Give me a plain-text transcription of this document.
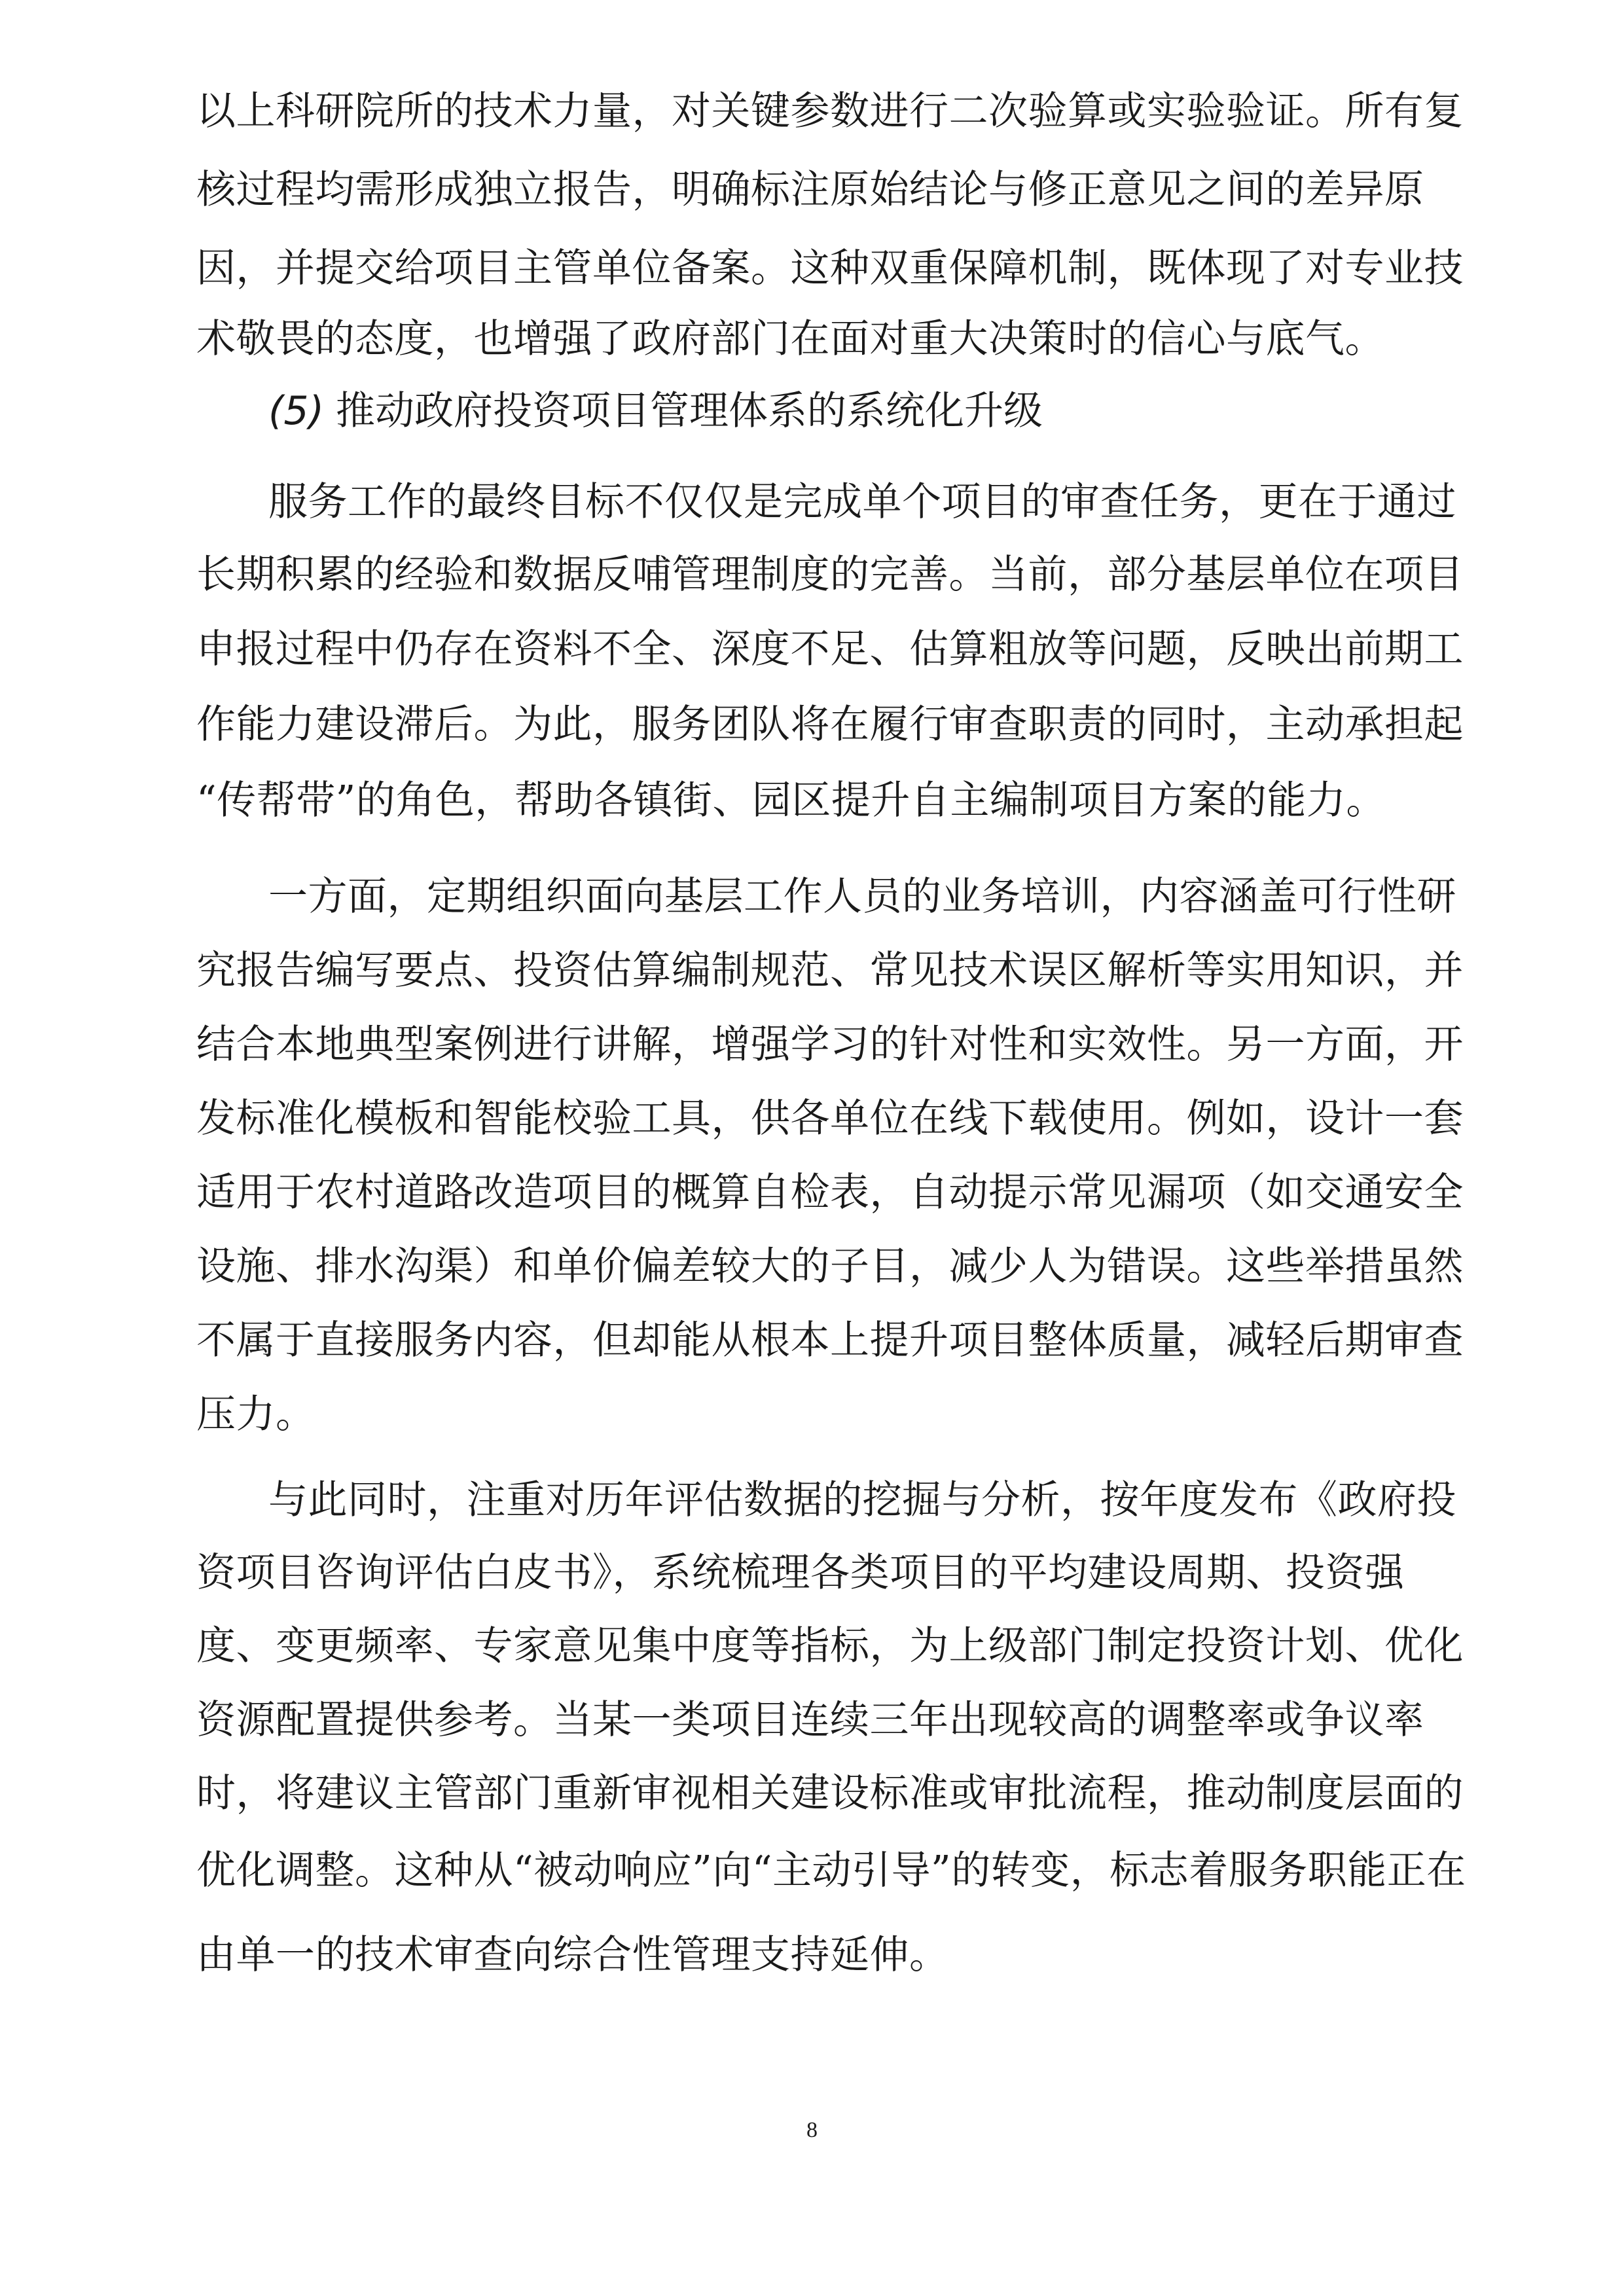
以上科研院所的技术力量，对关键参数进行二次验算或实验验证。所有复
核过程均需形成独立报告，明确标注原始结论与修正意见之间的差异原
因，并提交给项目主管单位备案。这种双重保障机制，既体现了对专业技
术敬畏的态度，也增强了政府部门在面对重大决策时的信心与底气。
(5) 推动政府投资项目管理体系的系统化升级
服务工作的最终目标不仅仅是完成单个项目的审查任务，更在于通过
长期积累的经验和数据反哺管理制度的完善。当前，部分基层单位在项目
申报过程中仍存在资料不全、深度不足、估算粗放等问题，反映出前期工
作能力建设滞后。为此，服务团队将在履行审查职责的同时，主动承担起
“传帮带”的角色，帮助各镇街、园区提升自主编制项目方案的能力。
一方面，定期组织面向基层工作人员的业务培训，内容涵盖可行性研
究报告编写要点、投资估算编制规范、常见技术误区解析等实用知识，并
结合本地典型案例进行讲解，增强学习的针对性和实效性。另一方面，开
发标准化模板和智能校验工具，供各单位在线下载使用。例如，设计一套
适用于农村道路改造项目的概算自检表，自动提示常见漏项（如交通安全
设施、排水沟渠）和单价偏差较大的子目，减少人为错误。这些举措虽然
不属于直接服务内容，但却能从根本上提升项目整体质量，减轻后期审查
压力。
与此同时，注重对历年评估数据的挖掘与分析，按年度发布《政府投
资项目咨询评估白皮书》，系统梳理各类项目的平均建设周期、投资强
度、变更频率、专家意见集中度等指标，为上级部门制定投资计划、优化
资源配置提供参考。当某一类项目连续三年出现较高的调整率或争议率
时，将建议主管部门重新审视相关建设标准或审批流程，推动制度层面的
优化调整。这种从“被动响应”向“主动引导”的转变，标志着服务职能正在
由单一的技术审查向综合性管理支持延伸。
8
